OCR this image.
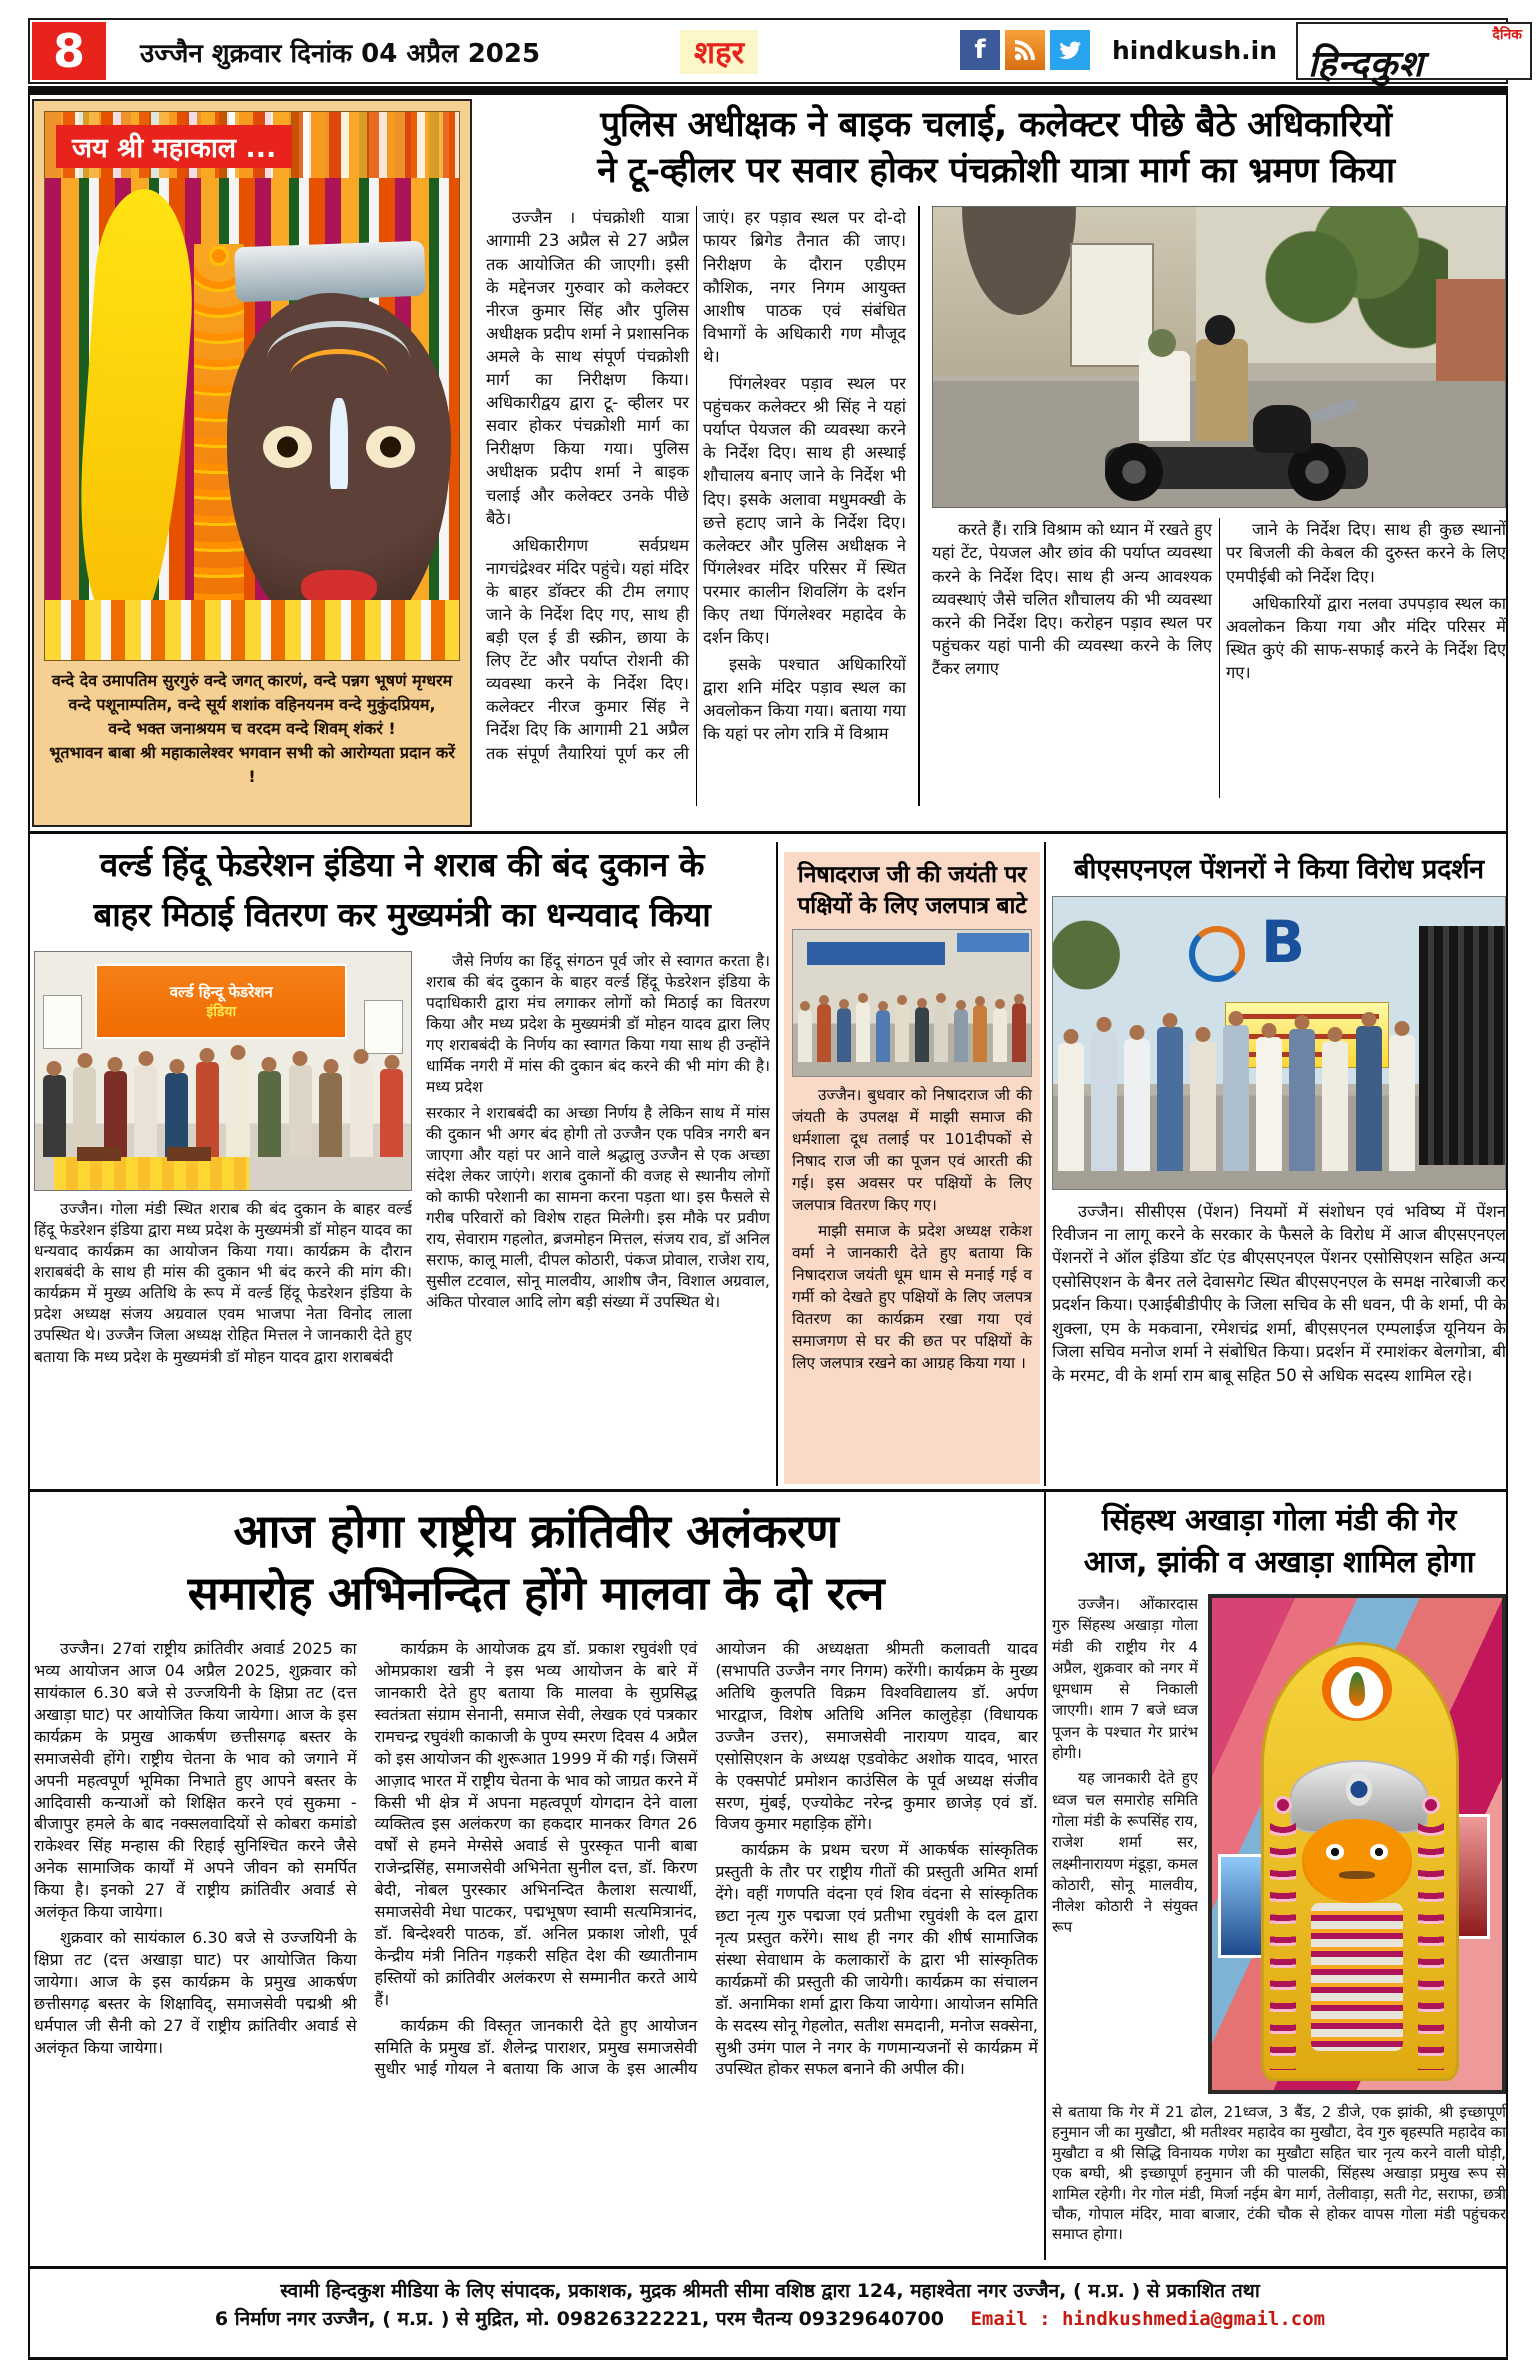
8	उज्जैन शुक्रवार दिनांक 04 अप्रैल 2025	शहर	f	hindkush.in
दैनिक
हिन्दकुश
जय श्री महाकाल ...
वन्दे देव उमापतिम सुरगुरुं वन्दे जगत् कारणं, वन्दे पन्नग भूषणं मृग्धरम
वन्दे पशूनाम्पतिम, वन्दे सूर्य शशांक वहिनयनम वन्दे मुकुंदप्रियम,
वन्दे भक्त जनाश्रयम च वरदम वन्दे शिवम् शंकरं !
भूतभावन बाबा श्री महाकालेश्वर भगवान सभी को आरोग्यता प्रदान करें !
पुलिस अधीक्षक ने बाइक चलाई, कलेक्टर पीछे बैठे अधिकारियों
ने टू-व्हीलर पर सवार होकर पंचक्रोशी यात्रा मार्ग का भ्रमण किया

उज्जैन । पंचक्रोशी यात्रा आगामी 23 अप्रैल से 27 अप्रैल तक आयोजित की जाएगी। इसी के मद्देनजर गुरुवार को कलेक्टर नीरज कुमार सिंह और पुलिस अधीक्षक प्रदीप शर्मा ने प्रशासनिक अमले के साथ संपूर्ण पंचक्रोशी मार्ग का निरीक्षण किया। अधिकारीद्वय द्वारा टू- व्हीलर पर सवार होकर पंचक्रोशी मार्ग का निरीक्षण किया गया। पुलिस अधीक्षक प्रदीप शर्मा ने बाइक चलाई और कलेक्टर उनके पीछे बैठे।

अधिकारीगण सर्वप्रथम नागचंद्रेश्वर मंदिर पहुंचे। यहां मंदिर के बाहर डॉक्टर की टीम लगाए जाने के निर्देश दिए गए, साथ ही बड़ी एल ई डी स्क्रीन, छाया के लिए टेंट और पर्याप्त रोशनी की व्यवस्था करने के निर्देश दिए। कलेक्टर नीरज कुमार सिंह ने निर्देश दिए कि आगामी 21 अप्रैल तक संपूर्ण तैयारियां पूर्ण कर ली जाएं। हर पड़ाव स्थल पर दो-दो फायर ब्रिगेड तैनात की जाए। निरीक्षण के दौरान एडीएम कौशिक, नगर निगम आयुक्त आशीष पाठक एवं संबंधित विभागों के अधिकारी गण मौजूद थे।

पिंगलेश्वर पड़ाव स्थल पर पहुंचकर कलेक्टर श्री सिंह ने यहां पर्याप्त पेयजल की व्यवस्था करने के निर्देश दिए। साथ ही अस्थाई शौचालय बनाए जाने के निर्देश भी दिए। इसके अलावा मधुमक्खी के छत्ते हटाए जाने के निर्देश दिए। कलेक्टर और पुलिस अधीक्षक ने पिंगलेश्वर मंदिर परिसर में स्थित परमार कालीन शिवलिंग के दर्शन किए तथा पिंगलेश्वर महादेव के दर्शन किए।

इसके पश्चात अधिकारियों द्वारा शनि मंदिर पड़ाव स्थल का अवलोकन किया गया। बताया गया कि यहां पर लोग रात्रि में विश्राम

करते हैं। रात्रि विश्राम को ध्यान में रखते हुए यहां टेंट, पेयजल और छांव की पर्याप्त व्यवस्था करने के निर्देश दिए। साथ ही अन्य आवश्यक व्यवस्थाएं जैसे चलित शौचालय की भी व्यवस्था करने की निर्देश दिए। करोहन पड़ाव स्थल पर पहुंचकर यहां पानी की व्यवस्था करने के लिए टैंकर लगाए

जाने के निर्देश दिए। साथ ही कुछ स्थानों पर बिजली की केबल की दुरुस्त करने के लिए एमपीईबी को निर्देश दिए।

अधिकारियों द्वारा नलवा उपपड़ाव स्थल का अवलोकन किया गया और मंदिर परिसर में स्थित कुएं की साफ-सफाई करने के निर्देश दिए गए।

वर्ल्ड हिंदू फेडरेशन इंडिया ने शराब की बंद दुकान के
बाहर मिठाई वितरण कर मुख्यमंत्री का धन्यवाद किया
वर्ल्ड हिन्दू फेडरेशन
इंडिया

उज्जैन। गोला मंडी स्थित शराब की बंद दुकान के बाहर वर्ल्ड हिंदू फेडरेशन इंडिया द्वारा मध्य प्रदेश के मुख्यमंत्री डॉ मोहन यादव का धन्यवाद कार्यक्रम का आयोजन किया गया। कार्यक्रम के दौरान शराबबंदी के साथ ही मांस की दुकान भी बंद करने की मांग की। कार्यक्रम में मुख्य अतिथि के रूप में वर्ल्ड हिंदू फेडरेशन इंडिया के प्रदेश अध्यक्ष संजय अग्रवाल एवम भाजपा नेता विनोद लाला उपस्थित थे। उज्जैन जिला अध्यक्ष रोहित मित्तल ने जानकारी देते हुए बताया कि मध्य प्रदेश के मुख्यमंत्री डॉ मोहन यादव द्वारा शराबबंदी

जैसे निर्णय का हिंदू संगठन पूर्व जोर से स्वागत करता है। शराब की बंद दुकान के बाहर वर्ल्ड हिंदू फेडरेशन इंडिया के पदाधिकारी द्वारा मंच लगाकर लोगों को मिठाई का वितरण किया और मध्य प्रदेश के मुख्यमंत्री डॉ मोहन यादव द्वारा लिए गए शराबबंदी के निर्णय का स्वागत किया गया साथ ही उन्होंने धार्मिक नगरी में मांस की दुकान बंद करने की भी मांग की है। मध्य प्रदेश

सरकार ने शराबबंदी का अच्छा निर्णय है लेकिन साथ में मांस की दुकान भी अगर बंद होगी तो उज्जैन एक पवित्र नगरी बन जाएगा और यहां पर आने वाले श्रद्धालु उज्जैन से एक अच्छा संदेश लेकर जाएंगे। शराब दुकानों की वजह से स्थानीय लोगों को काफी परेशानी का सामना करना पड़ता था। इस फैसले से गरीब परिवारों को विशेष राहत मिलेगी। इस मौके पर प्रवीण राय, सेवाराम गहलोत, ब्रजमोहन मित्तल, संजय राव, डॉ अनिल सराफ, कालू माली, दीपल कोठारी, पंकज प्रोवाल, राजेश राय, सुसील टटवाल, सोनू मालवीय, आशीष जैन, विशाल अग्रवाल, अंकित पोरवाल आदि लोग बड़ी संख्या में उपस्थित थे।

निषादराज जी की जयंती पर
पक्षियों के लिए जलपात्र बाटे

उज्जैन। बुधवार को निषादराज जी की जंयती के उपलक्ष में माझी समाज की धर्मशाला दूध तलाई पर 101दीपकों से निषाद राज जी का पूजन एवं आरती की गई। इस अवसर पर पक्षियों के लिए जलपात्र वितरण किए गए।

माझी समाज के प्रदेश अध्यक्ष राकेश वर्मा ने जानकारी देते हुए बताया कि निषादराज जयंती धूम धाम से मनाई गई व गर्मी को देखते हुए पक्षियों के लिए जलपत्र वितरण का कार्यक्रम रखा गया एवं समाजगण से घर की छत पर पक्षियों के लिए जलपात्र रखने का आग्रह किया गया ।

बीएसएनएल पेंशनरों ने किया विरोध प्रदर्शन
B

उज्जैन। सीसीएस (पेंशन) नियमों में संशोधन एवं भविष्य में पेंशन रिवीजन ना लागू करने के सरकार के फैसले के विरोध में आज बीएसएनएल पेंशनरों ने ऑल इंडिया डॉट एंड बीएसएनएल पेंशनर एसोसिएशन सहित अन्य एसोसिएशन के बैनर तले देवासगेट स्थित बीएसएनएल के समक्ष नारेबाजी कर प्रदर्शन किया। एआईबीडीपीए के जिला सचिव के सी धवन, पी के शर्मा, पी के शुक्ला, एम के मकवाना, रमेशचंद्र शर्मा, बीएसएनल एम्पलाईज यूनियन के जिला सचिव मनोज शर्मा ने संबोधित किया। प्रदर्शन में रमाशंकर बेलगोत्रा, बी के मरमट, वी के शर्मा राम बाबू सहित 50 से अधिक सदस्य शामिल रहे।

आज होगा राष्ट्रीय क्रांतिवीर अलंकरण
समारोह अभिनन्दित होंगे मालवा के दो रत्न

उज्जैन। 27वां राष्ट्रीय क्रांतिवीर अवार्ड 2025 का भव्य आयोजन आज 04 अप्रैल 2025, शुक्रवार को सायंकाल 6.30 बजे से उज्जयिनी के क्षिप्रा तट (दत्त अखाड़ा घाट) पर आयोजित किया जायेगा। आज के इस कार्यक्रम के प्रमुख आकर्षण छत्तीसगढ़ बस्तर के समाजसेवी होंगे। राष्ट्रीय चेतना के भाव को जगाने में अपनी महत्वपूर्ण भूमिका निभाते हुए आपने बस्तर के आदिवासी कन्याओं को शिक्षित करने एवं सुकमा - बीजापुर हमले के बाद नक्सलवादियों से कोबरा कमांडो राकेश्वर सिंह मन्हास की रिहाई सुनिश्चित करने जैसे अनेक सामाजिक कार्यों में अपने जीवन को समर्पित किया है। इनको 27 वें राष्ट्रीय क्रांतिवीर अवार्ड से अलंकृत किया जायेगा।

शुक्रवार को सायंकाल 6.30 बजे से उज्जयिनी के क्षिप्रा तट (दत्त अखाड़ा घाट) पर आयोजित किया जायेगा। आज के इस कार्यक्रम के प्रमुख आकर्षण छत्तीसगढ़ बस्तर के शिक्षाविद्, समाजसेवी पद्मश्री श्री धर्मपाल जी सैनी को 27 वें राष्ट्रीय क्रांतिवीर अवार्ड से अलंकृत किया जायेगा।

कार्यक्रम के आयोजक द्वय डॉ. प्रकाश रघुवंशी एवं ओमप्रकाश खत्री ने इस भव्य आयोजन के बारे में जानकारी देते हुए बताया कि मालवा के सुप्रसिद्ध स्वतंत्रता संग्राम सेनानी, समाज सेवी, लेखक एवं पत्रकार रामचन्द्र रघुवंशी काकाजी के पुण्य स्मरण दिवस 4 अप्रैल को इस आयोजन की शुरूआत 1999 में की गई। जिसमें आज़ाद भारत में राष्ट्रीय चेतना के भाव को जाग्रत करने में किसी भी क्षेत्र में अपना महत्वपूर्ण योगदान देने वाला व्यक्तित्व इस अलंकरण का हकदार मानकर विगत 26 वर्षों से हमने मेग्सेसे अवार्ड से पुरस्कृत पानी बाबा राजेन्द्रसिंह, समाजसेवी अभिनेता सुनील दत्त, डॉ. किरण बेदी, नोबल पुरस्कार अभिनन्दित कैलाश सत्यार्थी, समाजसेवी मेधा पाटकर, पद्मभूषण स्वामी सत्यमित्रानंद, डॉ. बिन्देश्वरी पाठक, डॉ. अनिल प्रकाश जोशी, पूर्व केन्द्रीय मंत्री नितिन गड़करी सहित देश की ख्यातीनाम हस्तियों को क्रांतिवीर अलंकरण से सम्मानीत करते आये हैं।

कार्यक्रम की विस्तृत जानकारी देते हुए आयोजन समिति के प्रमुख डॉ. शैलेन्द्र पाराशर, प्रमुख समाजसेवी सुधीर भाई गोयल ने बताया कि आज के इस आत्मीय आयोजन की अध्यक्षता श्रीमती कलावती यादव (सभापति उज्जैन नगर निगम) करेंगी। कार्यक्रम के मुख्य अतिथि कुलपति विक्रम विश्वविद्यालय डॉ. अर्पण भारद्वाज, विशेष अतिथि अनिल कालुहेड़ा (विधायक उज्जैन उत्तर), समाजसेवी नारायण यादव, बार एसोसिएशन के अध्यक्ष एडवोकेट अशोक यादव, भारत के एक्सपोर्ट प्रमोशन काउंसिल के पूर्व अध्यक्ष संजीव सरण, मुंबई, एज्योकेट नरेन्द्र कुमार छाजेड़ एवं डॉ. विजय कुमार महाड़िक होंगे।

कार्यक्रम के प्रथम चरण में आकर्षक सांस्कृतिक प्रस्तुती के तौर पर राष्ट्रीय गीतों की प्रस्तुती अमित शर्मा देंगे। वहीं गणपति वंदना एवं शिव वंदना से सांस्कृतिक छटा नृत्य गुरु पद्मजा एवं प्रतीभा रघुवंशी के दल द्वारा नृत्य प्रस्तुत करेंगे। साथ ही नगर की शीर्ष सामाजिक संस्था सेवाधाम के कलाकारों के द्वारा भी सांस्कृतिक कार्यक्रमों की प्रस्तुती की जायेगी। कार्यक्रम का संचालन डॉ. अनामिका शर्मा द्वारा किया जायेगा। आयोजन समिति के सदस्य सोनू गेहलोत, सतीश समदानी, मनोज सक्सेना, सुश्री उमंग पाल ने नगर के गणमान्यजनों से कार्यक्रम में उपस्थित होकर सफल बनाने की अपील की।

सिंहस्थ अखाड़ा गोला मंडी की गेर
आज, झांकी व अखाड़ा शामिल होगा

उज्जैन। ओंकारदास गुरु सिंहस्थ अखाड़ा गोला मंडी की राष्ट्रीय गेर 4 अप्रैल, शुक्रवार को नगर में धूमधाम से निकाली जाएगी। शाम 7 बजे ध्वज पूजन के पश्चात गेर प्रारंभ होगी।

यह जानकारी देते हुए ध्वज चल समारोह समिति गोला मंडी के रूपसिंह राय, राजेश शर्मा सर, लक्ष्मीनारायण मंडूड़ा, कमल कोठारी, सोनू मालवीय, नीलेश कोठारी ने संयुक्त रूप

से बताया कि गेर में 21 ढोल, 21ध्वज, 3 बैंड, 2 डीजे, एक झांकी, श्री इच्छापूर्ण हनुमान जी का मुखौटा, श्री मतीश्वर महादेव का मुखौटा, देव गुरु बृहस्पति महादेव का मुखौटा व श्री सिद्धि विनायक गणेश का मुखौटा सहित चार नृत्य करने वाली घोड़ी, एक बग्घी, श्री इच्छापूर्ण हनुमान जी की पालकी, सिंहस्थ अखाड़ा प्रमुख रूप से शामिल रहेगी। गेर गोल मंडी, मिर्जा नईम बेग मार्ग, तेलीवाड़ा, सती गेट, सराफा, छत्री चौक, गोपाल मंदिर, मावा बाजार, टंकी चौक से होकर वापस गोला मंडी पहुंचकर समाप्त होगा।

स्वामी हिन्दकुश मीडिया के लिए संपादक, प्रकाशक, मुद्रक श्रीमती सीमा वशिष्ठ द्वारा 124, महाश्वेता नगर उज्जैन, ( म.प्र. ) से प्रकाशित तथा
6 निर्माण नगर उज्जैन, ( म.प्र. ) से मुद्रित, मो. 09826322221, परम चैतन्य 09329640700 Email : hindkushmedia@gmail.com
